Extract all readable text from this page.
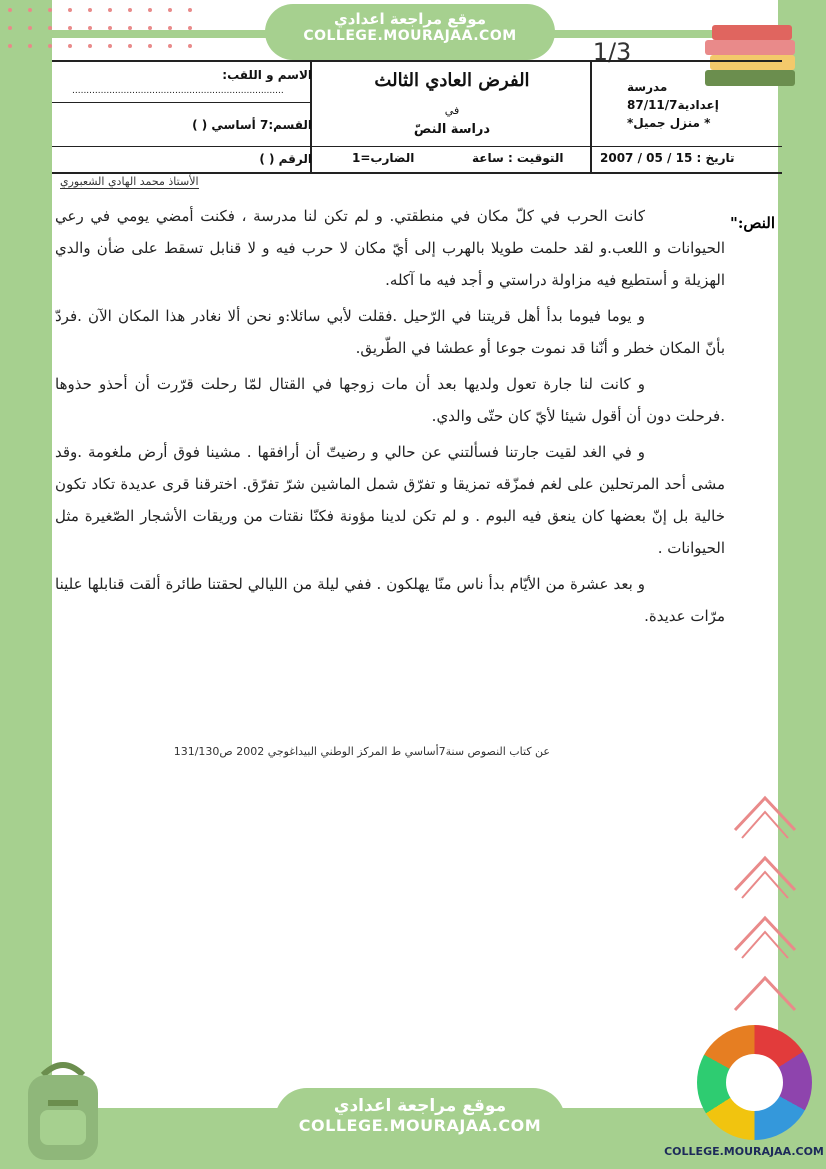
موقع مراجعة اعدادي
COLLEGE.MOURAJAA.COM
1/3
الاسم و اللقب:
..........................................................................
القسم:7 أساسي ( )
الرقم ( )
الفرض العادي الثالث
في
دراسة النصّ
التوقيت : ساعة
الضارب=1
مدرسة
إعدادية87/11/7
* منزل جميل*
تاريخ : 15 / 05 / 2007
الأستاذ محمد الهادي الشعبوري
النص:"

كانت الحرب في كلّ مكان في منطقتي. و لم تكن لنا مدرسة ، فكنت أمضي يومي في رعي الحيوانات و اللعب.و لقد حلمت طويلا بالهرب إلى أيّ مكان لا حرب فيه و لا قنابل تسقط على ضأن والدي الهزيلة و أستطيع فيه مزاولة دراستي و أجد فيه ما آكله.

و يوما فيوما بدأ أهل قريتنا في الرّحيل .فقلت لأبي سائلا:و نحن ألا نغادر هذا المكان الآن .فردّ بأنّ المكان خطر و أنّنا قد نموت جوعا أو عطشا في الطّريق.

و كانت لنا جارة تعول ولديها بعد أن مات زوجها في القتال لمّا رحلت قرّرت أن أحذو حذوها .فرحلت دون أن أقول شيئا لأيّ كان حتّى والدي.

و في الغد لقيت جارتنا فسألتني عن حالي و رضيتّ أن أرافقها . مشينا فوق أرض ملغومة .وقد مشى أحد المرتحلين على لغم فمزّقه تمزيقا و تفرّق شمل الماشين شرّ تفرّق. اخترقنا قرى عديدة تكاد تكون خالية بل إنّ بعضها كان ينعق فيه البوم . و لم تكن لدينا مؤونة فكنّا نقتات من وريقات الأشجار الصّغيرة مثل الحيوانات .

و بعد عشرة من الأيّام بدأ ناس منّا يهلكون . ففي ليلة من الليالي لحقتنا طائرة ألقت قنابلها علينا مرّات عديدة.

عن كتاب النصوص سنة7أساسي ط المركز الوطني البيداغوجي 2002 ص131/130
موقع مراجعة اعدادي
COLLEGE.MOURAJAA.COM
COLLEGE.MOURAJAA.COM
